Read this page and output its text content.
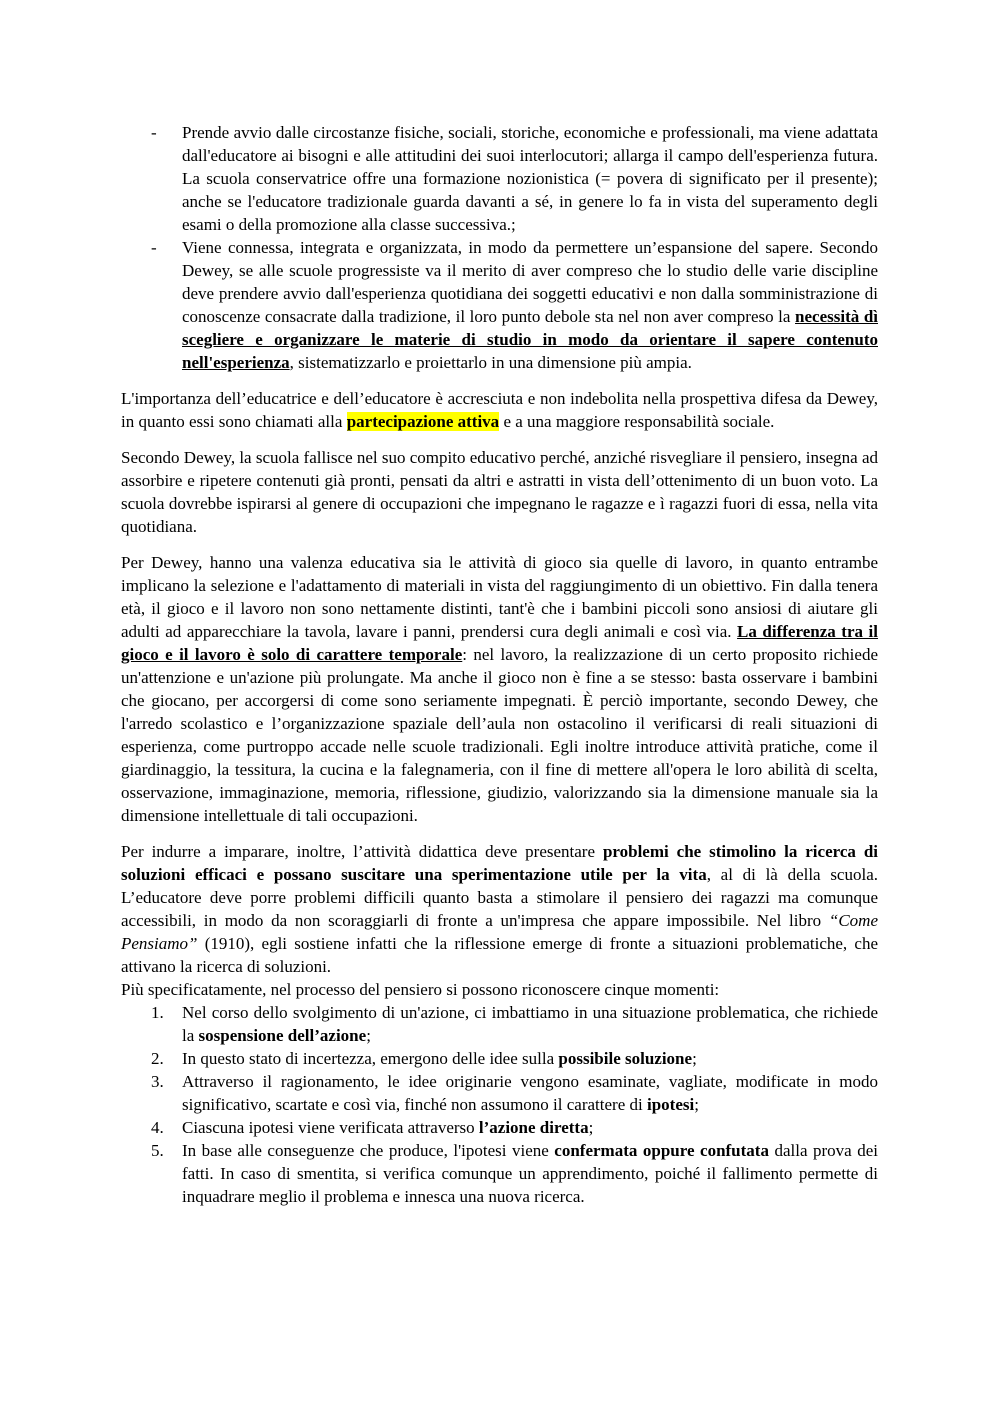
- Prende avvio dalle circostanze fisiche, sociali, storiche, economiche e professionali, ma viene adattata dall'educatore ai bisogni e alle attitudini dei suoi interlocutori; allarga il campo dell'esperienza futura. La scuola conservatrice offre una formazione nozionistica (= povera di significato per il presente); anche se l'educatore tradizionale guarda davanti a sé, in genere lo fa in vista del superamento degli esami o della promozione alla classe successiva.;
- Viene connessa, integrata e organizzata, in modo da permettere un’espansione del sapere. Secondo Dewey, se alle scuole progressiste va il merito di aver compreso che lo studio delle varie discipline deve prendere avvio dall'esperienza quotidiana dei soggetti educativi e non dalla somministrazione di conoscenze consacrate dalla tradizione, il loro punto debole sta nel non aver compreso la necessità dì scegliere e organizzare le materie di studio in modo da orientare il sapere contenuto nell'esperienza, sistematizzarlo e proiettarlo in una dimensione più ampia.

L'importanza dell’educatrice e dell’educatore è accresciuta e non indebolita nella prospettiva difesa da Dewey, in quanto essi sono chiamati alla partecipazione attiva e a una maggiore responsabilità sociale.

Secondo Dewey, la scuola fallisce nel suo compito educativo perché, anziché risvegliare il pensiero, insegna ad assorbire e ripetere contenuti già pronti, pensati da altri e astratti in vista dell’ottenimento di un buon voto. La scuola dovrebbe ispirarsi al genere di occupazioni che impegnano le ragazze e ì ragazzi fuori di essa, nella vita quotidiana.

Per Dewey, hanno una valenza educativa sia le attività di gioco sia quelle di lavoro, in quanto entrambe implicano la selezione e l'adattamento di materiali in vista del raggiungimento di un obiettivo. Fin dalla tenera età, il gioco e il lavoro non sono nettamente distinti, tant'è che i bambini piccoli sono ansiosi di aiutare gli adulti ad apparecchiare la tavola, lavare i panni, prendersi cura degli animali e così via. La differenza tra il gioco e il lavoro è solo di carattere temporale: nel lavoro, la realizzazione di un certo proposito richiede un'attenzione e un'azione più prolungate. Ma anche il gioco non è fine a se stesso: basta osservare i bambini che giocano, per accorgersi di come sono seriamente impegnati. È perciò importante, secondo Dewey, che l'arredo scolastico e l’organizzazione spaziale dell’aula non ostacolino il verificarsi di reali situazioni di esperienza, come purtroppo accade nelle scuole tradizionali. Egli inoltre introduce attività pratiche, come il giardinaggio, la tessitura, la cucina e la falegnameria, con il fine di mettere all'opera le loro abilità di scelta, osservazione, immaginazione, memoria, riflessione, giudizio, valorizzando sia la dimensione manuale sia la dimensione intellettuale di tali occupazioni.

Per indurre a imparare, inoltre, l’attività didattica deve presentare problemi che stimolino la ricerca di soluzioni efficaci e possano suscitare una sperimentazione utile per la vita, al di là della scuola. L’educatore deve porre problemi difficili quanto basta a stimolare il pensiero dei ragazzi ma comunque accessibili, in modo da non scoraggiarli di fronte a un'impresa che appare impossibile. Nel libro “Come Pensiamo” (1910), egli sostiene infatti che la riflessione emerge di fronte a situazioni problematiche, che attivano la ricerca di soluzioni.

Più specificatamente, nel processo del pensiero si possono riconoscere cinque momenti:

1. Nel corso dello svolgimento di un'azione, ci imbattiamo in una situazione problematica, che richiede la sospensione dell’azione;
2. In questo stato di incertezza, emergono delle idee sulla possibile soluzione;
3. Attraverso il ragionamento, le idee originarie vengono esaminate, vagliate, modificate in modo significativo, scartate e così via, finché non assumono il carattere di ipotesi;
4. Ciascuna ipotesi viene verificata attraverso l’azione diretta;
5. In base alle conseguenze che produce, l'ipotesi viene confermata oppure confutata dalla prova dei fatti. In caso di smentita, si verifica comunque un apprendimento, poiché il fallimento permette di inquadrare meglio il problema e innesca una nuova ricerca.
